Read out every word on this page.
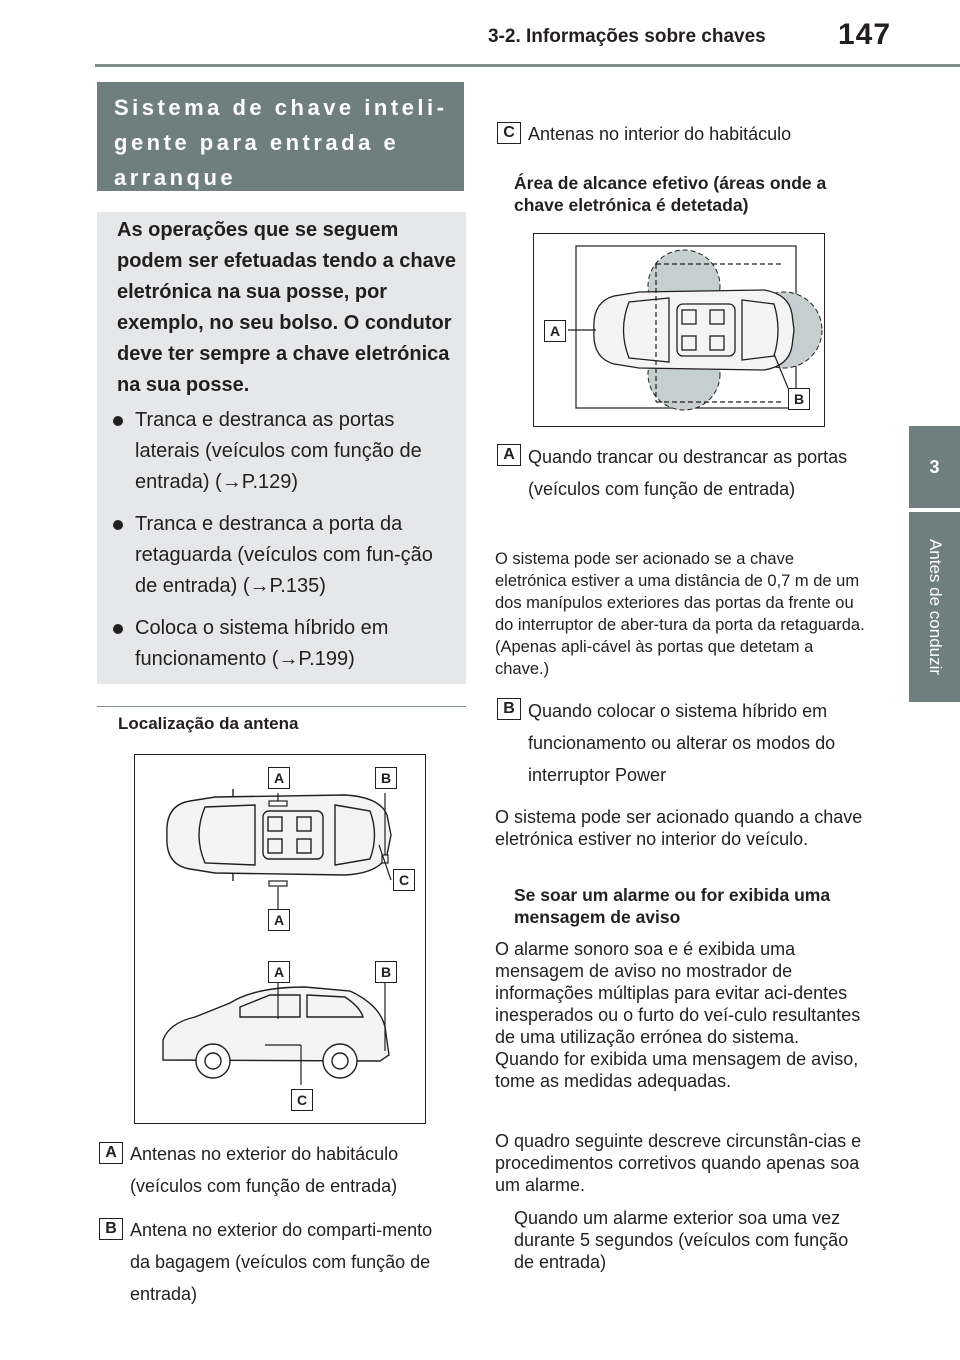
3-2. Informações sobre chaves 147
3
Antes de conduzir
Sistema de chave inteli-gente para entrada e arranque
As operações que se seguem podem ser efetuadas tendo a chave eletrónica na sua posse, por exemplo, no seu bolso. O condutor deve ter sempre a chave eletrónica na sua posse.
Tranca e destranca as portas laterais (veículos com função de entrada) (→P.129)
Tranca e destranca a porta da retaguarda (veículos com fun-ção de entrada) (→P.135)
Coloca o sistema híbrido em funcionamento (→P.199)
Localização da antena
A	B
C
A
A	B
C
A Antenas no exterior do habitáculo (veículos com função de entrada)
B Antena no exterior do comparti-mento da bagagem (veículos com função de entrada)
C Antenas no interior do habitáculo
Área de alcance efetivo (áreas onde a chave eletrónica é detetada)
A
B
A Quando trancar ou destrancar as portas (veículos com função de entrada)
O sistema pode ser acionado se a chave eletrónica estiver a uma distância de 0,7 m de um dos manípulos exteriores das portas da frente ou do interruptor de aber-tura da porta da retaguarda. (Apenas apli-cável às portas que detetam a chave.)
B Quando colocar o sistema híbrido em funcionamento ou alterar os modos do interruptor Power
O sistema pode ser acionado quando a chave eletrónica estiver no interior do veículo.
Se soar um alarme ou for exibida uma mensagem de aviso
O alarme sonoro soa e é exibida uma mensagem de aviso no mostrador de informações múltiplas para evitar aci-dentes inesperados ou o furto do veí-culo resultantes de uma utilização errónea do sistema. Quando for exibida uma mensagem de aviso, tome as medidas adequadas.
O quadro seguinte descreve circunstân-cias e procedimentos corretivos quando apenas soa um alarme.
Quando um alarme exterior soa uma vez durante 5 segundos (veículos com função de entrada)
